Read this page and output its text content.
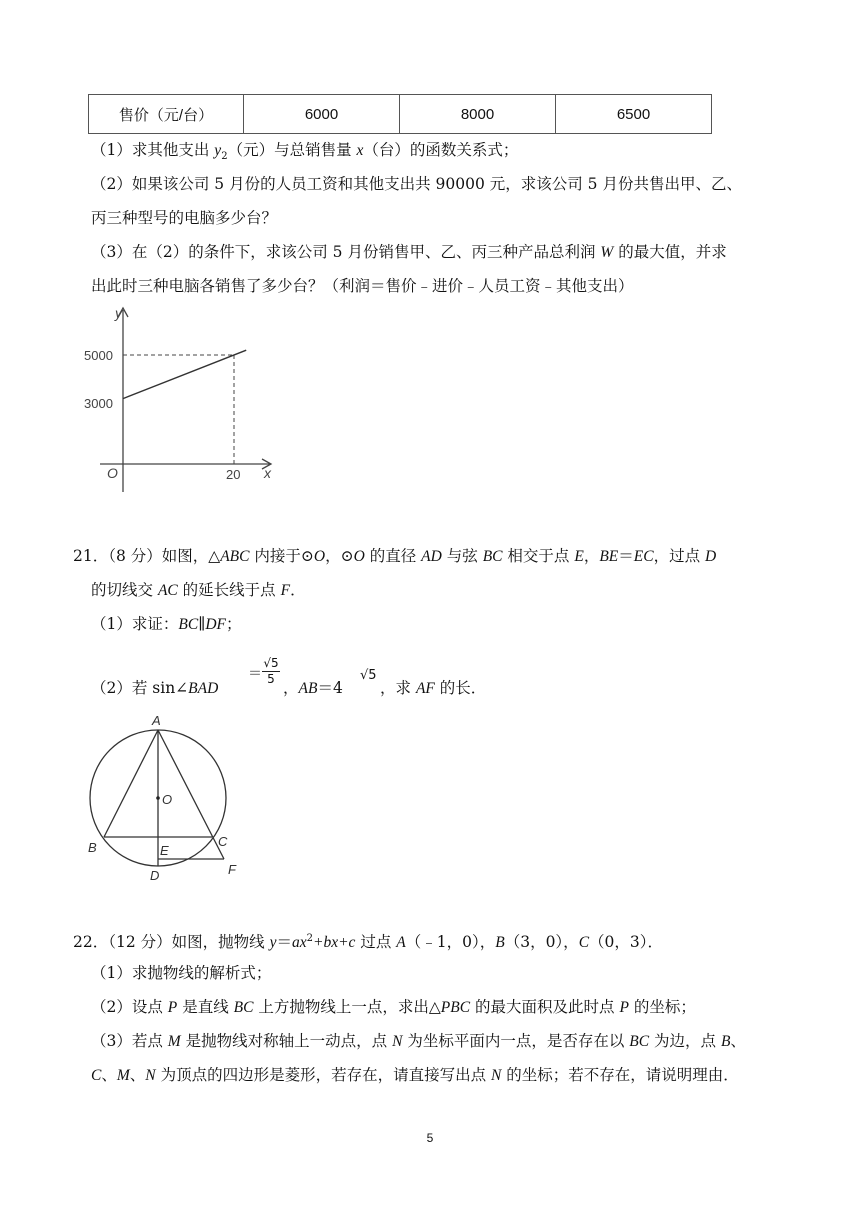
售价（元/台）	6000	8000	6500
（1）求其他支出 $y_2$（元）与总销售量 x（台）的函数关系式；
（2）如果该公司 5 月份的人员工资和其他支出共 90000 元，求该公司 5 月份共售出甲、乙、
丙三种型号的电脑多少台？
（3）在（2）的条件下，求该公司 5 月份销售甲、乙、丙三种产品总利润 W 的最大值，并求
出此时三种电脑各销售了多少台？（利润＝售价﹣进价﹣人员工资﹣其他支出）
y
x
O
5000
3000
20
21．（8 分）如图，△ABC 内接于⊙O，⊙O 的直径 AD 与弦 BC 相交于点 E，BE＝EC，过点 D
的切线交 AC 的延长线于点 F．
（1）求证：BC∥DF；
（2）若 sin∠BAD
＝
√5
5 ，AB＝4
√5
，求 AF 的长．
A
B	C
D
E
F
O
22．（12 分）如图，抛物线 $y=ax^2+bx+c$ 过点 A（﹣1，0），B（3，0），C（0，3）．
（1）求抛物线的解析式；
（2）设点 P 是直线 BC 上方抛物线上一点，求出△PBC 的最大面积及此时点 P 的坐标；
（3）若点 M 是抛物线对称轴上一动点，点 N 为坐标平面内一点，是否存在以 BC 为边，点 B、
C、M、N 为顶点的四边形是菱形，若存在，请直接写出点 N 的坐标；若不存在，请说明理由．
5
